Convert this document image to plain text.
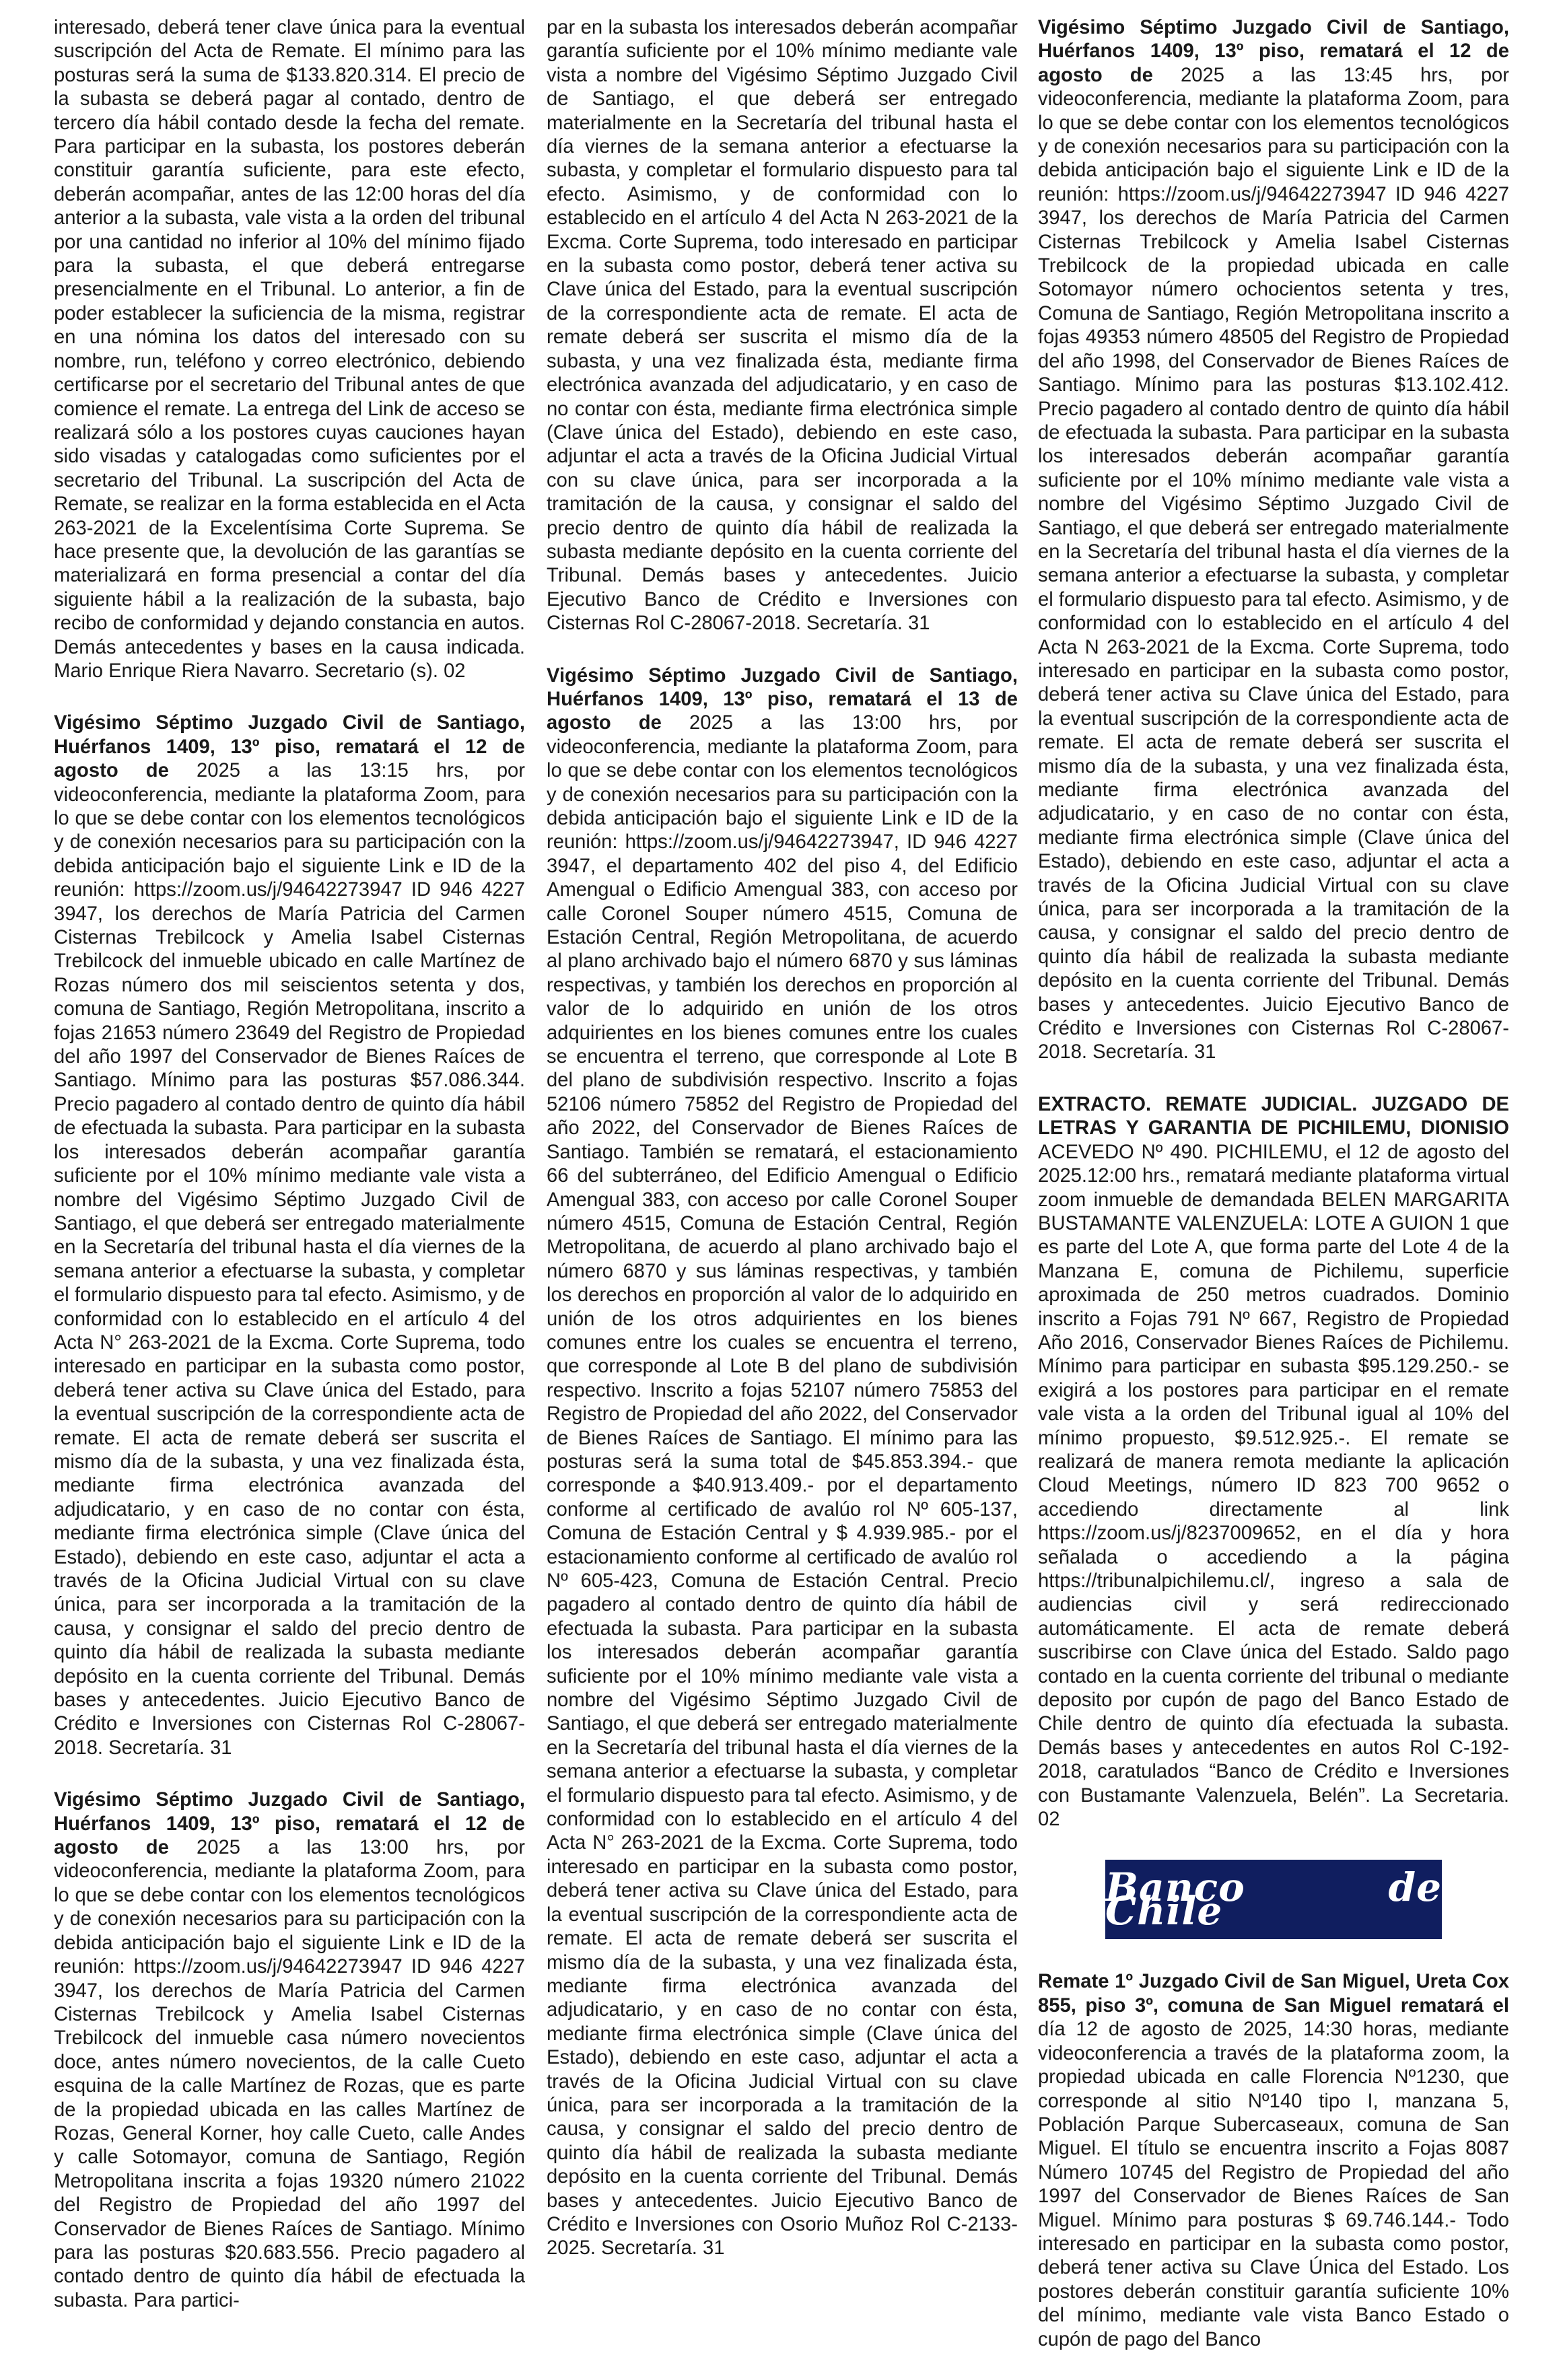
interesado, deberá tener clave única para la eventual suscripción del Acta de Remate. El mínimo para las posturas será la suma de $133.820.314. El precio de la subasta se deberá pagar al contado, dentro de tercero día hábil contado desde la fecha del remate. Para participar en la subasta, los postores deberán constituir garantía suficiente, para este efecto, deberán acompañar, antes de las 12:00 horas del día anterior a la subasta, vale vista a la orden del tribunal por una cantidad no inferior al 10% del mínimo fijado para la subasta, el que deberá entregarse presencialmente en el Tribunal. Lo anterior, a fin de poder establecer la suficiencia de la misma, registrar en una nómina los datos del interesado con su nombre, run, teléfono y correo electrónico, debiendo certificarse por el secretario del Tribunal antes de que comience el remate. La entrega del Link de acceso se realizará sólo a los postores cuyas cauciones hayan sido visadas y catalogadas como suficientes por el secretario del Tribunal. La suscripción del Acta de Remate, se realizar en la forma establecida en el Acta 263-2021 de la Excelentísima Corte Suprema. Se hace presente que, la devolución de las garantías se materializará en forma presencial a contar del día siguiente hábil a la realización de la subasta, bajo recibo de conformidad y dejando constancia en autos. Demás antecedentes y bases en la causa indicada. Mario Enrique Riera Navarro. Secretario (s). 02

Vigésimo Séptimo Juzgado Civil de Santiago, Huérfanos 1409, 13º piso, rematará el 12 de agosto de 2025 a las 13:15 hrs, por videoconferencia, mediante la plataforma Zoom, para lo que se debe contar con los elementos tecnológicos y de conexión necesarios para su participación con la debida anticipación bajo el siguiente Link e ID de la reunión: https://zoom.us/j/94642273947 ID 946 4227 3947, los derechos de María Patricia del Carmen Cisternas Trebilcock y Amelia Isabel Cisternas Trebilcock del inmueble ubicado en calle Martínez de Rozas número dos mil seiscientos setenta y dos, comuna de Santiago, Región Metropolitana, inscrito a fojas 21653 número 23649 del Registro de Propiedad del año 1997 del Conservador de Bienes Raíces de Santiago. Mínimo para las posturas $57.086.344. Precio pagadero al contado dentro de quinto día hábil de efectuada la subasta. Para participar en la subasta los interesados deberán acompañar garantía suficiente por el 10% mínimo mediante vale vista a nombre del Vigésimo Séptimo Juzgado Civil de Santiago, el que deberá ser entregado materialmente en la Secretaría del tribunal hasta el día viernes de la semana anterior a efectuarse la subasta, y completar el formulario dispuesto para tal efecto. Asimismo, y de conformidad con lo establecido en el artículo 4 del Acta N° 263-2021 de la Excma. Corte Suprema, todo interesado en participar en la subasta como postor, deberá tener activa su Clave única del Estado, para la eventual suscripción de la correspondiente acta de remate. El acta de remate deberá ser suscrita el mismo día de la subasta, y una vez finalizada ésta, mediante firma electrónica avanzada del adjudicatario, y en caso de no contar con ésta, mediante firma electrónica simple (Clave única del Estado), debiendo en este caso, adjuntar el acta a través de la Oficina Judicial Virtual con su clave única, para ser incorporada a la tramitación de la causa, y consignar el saldo del precio dentro de quinto día hábil de realizada la subasta mediante depósito en la cuenta corriente del Tribunal. Demás bases y antecedentes. Juicio Ejecutivo Banco de Crédito e Inversiones con Cisternas Rol C-28067-2018. Secretaría. 31

Vigésimo Séptimo Juzgado Civil de Santiago, Huérfanos 1409, 13º piso, rematará el 12 de agosto de 2025 a las 13:00 hrs, por videoconferencia, mediante la plataforma Zoom, para lo que se debe contar con los elementos tecnológicos y de conexión necesarios para su participación con la debida anticipación bajo el siguiente Link e ID de la reunión: https://zoom.us/j/94642273947 ID 946 4227 3947, los derechos de María Patricia del Carmen Cisternas Trebilcock y Amelia Isabel Cisternas Trebilcock del inmueble casa número novecientos doce, antes número novecientos, de la calle Cueto esquina de la calle Martínez de Rozas, que es parte de la propiedad ubicada en las calles Martínez de Rozas, General Korner, hoy calle Cueto, calle Andes y calle Sotomayor, comuna de Santiago, Región Metropolitana inscrita a fojas 19320 número 21022 del Registro de Propiedad del año 1997 del Conservador de Bienes Raíces de Santiago. Mínimo para las posturas $20.683.556. Precio pagadero al contado dentro de quinto día hábil de efectuada la subasta. Para partici-

par en la subasta los interesados deberán acompañar garantía suficiente por el 10% mínimo mediante vale vista a nombre del Vigésimo Séptimo Juzgado Civil de Santiago, el que deberá ser entregado materialmente en la Secretaría del tribunal hasta el día viernes de la semana anterior a efectuarse la subasta, y completar el formulario dispuesto para tal efecto. Asimismo, y de conformidad con lo establecido en el artículo 4 del Acta N 263-2021 de la Excma. Corte Suprema, todo interesado en participar en la subasta como postor, deberá tener activa su Clave única del Estado, para la eventual suscripción de la correspondiente acta de remate. El acta de remate deberá ser suscrita el mismo día de la subasta, y una vez finalizada ésta, mediante firma electrónica avanzada del adjudicatario, y en caso de no contar con ésta, mediante firma electrónica simple (Clave única del Estado), debiendo en este caso, adjuntar el acta a través de la Oficina Judicial Virtual con su clave única, para ser incorporada a la tramitación de la causa, y consignar el saldo del precio dentro de quinto día hábil de realizada la subasta mediante depósito en la cuenta corriente del Tribunal. Demás bases y antecedentes. Juicio Ejecutivo Banco de Crédito e Inversiones con Cisternas Rol C-28067-2018. Secretaría. 31

Vigésimo Séptimo Juzgado Civil de Santiago, Huérfanos 1409, 13º piso, rematará el 13 de agosto de 2025 a las 13:00 hrs, por videoconferencia, mediante la plataforma Zoom, para lo que se debe contar con los elementos tecnológicos y de conexión necesarios para su participación con la debida anticipación bajo el siguiente Link e ID de la reunión: https://zoom.us/j/94642273947, ID 946 4227 3947, el departamento 402 del piso 4, del Edificio Amengual o Edificio Amengual 383, con acceso por calle Coronel Souper número 4515, Comuna de Estación Central, Región Metropolitana, de acuerdo al plano archivado bajo el número 6870 y sus láminas respectivas, y también los derechos en proporción al valor de lo adquirido en unión de los otros adquirientes en los bienes comunes entre los cuales se encuentra el terreno, que corresponde al Lote B del plano de subdivisión respectivo. Inscrito a fojas 52106 número 75852 del Registro de Propiedad del año 2022, del Conservador de Bienes Raíces de Santiago. También se rematará, el estacionamiento 66 del subterráneo, del Edificio Amengual o Edificio Amengual 383, con acceso por calle Coronel Souper número 4515, Comuna de Estación Central, Región Metropolitana, de acuerdo al plano archivado bajo el número 6870 y sus láminas respectivas, y también los derechos en proporción al valor de lo adquirido en unión de los otros adquirientes en los bienes comunes entre los cuales se encuentra el terreno, que corresponde al Lote B del plano de subdivisión respectivo. Inscrito a fojas 52107 número 75853 del Registro de Propiedad del año 2022, del Conservador de Bienes Raíces de Santiago. El mínimo para las posturas será la suma total de $45.853.394.- que corresponde a $40.913.409.- por el departamento conforme al certificado de avalúo rol Nº 605-137, Comuna de Estación Central y $ 4.939.985.- por el estacionamiento conforme al certificado de avalúo rol Nº 605-423, Comuna de Estación Central. Precio pagadero al contado dentro de quinto día hábil de efectuada la subasta. Para participar en la subasta los interesados deberán acompañar garantía suficiente por el 10% mínimo mediante vale vista a nombre del Vigésimo Séptimo Juzgado Civil de Santiago, el que deberá ser entregado materialmente en la Secretaría del tribunal hasta el día viernes de la semana anterior a efectuarse la subasta, y completar el formulario dispuesto para tal efecto. Asimismo, y de conformidad con lo establecido en el artículo 4 del Acta N° 263-2021 de la Excma. Corte Suprema, todo interesado en participar en la subasta como postor, deberá tener activa su Clave única del Estado, para la eventual suscripción de la correspondiente acta de remate. El acta de remate deberá ser suscrita el mismo día de la subasta, y una vez finalizada ésta, mediante firma electrónica avanzada del adjudicatario, y en caso de no contar con ésta, mediante firma electrónica simple (Clave única del Estado), debiendo en este caso, adjuntar el acta a través de la Oficina Judicial Virtual con su clave única, para ser incorporada a la tramitación de la causa, y consignar el saldo del precio dentro de quinto día hábil de realizada la subasta mediante depósito en la cuenta corriente del Tribunal. Demás bases y antecedentes. Juicio Ejecutivo Banco de Crédito e Inversiones con Osorio Muñoz Rol C-2133-2025. Secretaría. 31

Vigésimo Séptimo Juzgado Civil de Santiago, Huérfanos 1409, 13º piso, rematará el 12 de agosto de 2025 a las 13:45 hrs, por videoconferencia, mediante la plataforma Zoom, para lo que se debe contar con los elementos tecnológicos y de conexión necesarios para su participación con la debida anticipación bajo el siguiente Link e ID de la reunión: https://zoom.us/j/94642273947 ID 946 4227 3947, los derechos de María Patricia del Carmen Cisternas Trebilcock y Amelia Isabel Cisternas Trebilcock de la propiedad ubicada en calle Sotomayor número ochocientos setenta y tres, Comuna de Santiago, Región Metropolitana inscrito a fojas 49353 número 48505 del Registro de Propiedad del año 1998, del Conservador de Bienes Raíces de Santiago. Mínimo para las posturas $13.102.412. Precio pagadero al contado dentro de quinto día hábil de efectuada la subasta. Para participar en la subasta los interesados deberán acompañar garantía suficiente por el 10% mínimo mediante vale vista a nombre del Vigésimo Séptimo Juzgado Civil de Santiago, el que deberá ser entregado materialmente en la Secretaría del tribunal hasta el día viernes de la semana anterior a efectuarse la subasta, y completar el formulario dispuesto para tal efecto. Asimismo, y de conformidad con lo establecido en el artículo 4 del Acta N 263-2021 de la Excma. Corte Suprema, todo interesado en participar en la subasta como postor, deberá tener activa su Clave única del Estado, para la eventual suscripción de la correspondiente acta de remate. El acta de remate deberá ser suscrita el mismo día de la subasta, y una vez finalizada ésta, mediante firma electrónica avanzada del adjudicatario, y en caso de no contar con ésta, mediante firma electrónica simple (Clave única del Estado), debiendo en este caso, adjuntar el acta a través de la Oficina Judicial Virtual con su clave única, para ser incorporada a la tramitación de la causa, y consignar el saldo del precio dentro de quinto día hábil de realizada la subasta mediante depósito en la cuenta corriente del Tribunal. Demás bases y antecedentes. Juicio Ejecutivo Banco de Crédito e Inversiones con Cisternas Rol C-28067-2018. Secretaría. 31

EXTRACTO. REMATE JUDICIAL. JUZGADO DE LETRAS Y GARANTIA DE PICHILEMU, DIONISIO ACEVEDO Nº 490. PICHILEMU, el 12 de agosto del 2025.12:00 hrs., rematará mediante plataforma virtual zoom inmueble de demandada BELEN MARGARITA BUSTAMANTE VALENZUELA: LOTE A GUION 1 que es parte del Lote A, que forma parte del Lote 4 de la Manzana E, comuna de Pichilemu, superficie aproximada de 250 metros cuadrados. Dominio inscrito a Fojas 791 Nº 667, Registro de Propiedad Año 2016, Conservador Bienes Raíces de Pichilemu. Mínimo para participar en subasta $95.129.250.- se exigirá a los postores para participar en el remate vale vista a la orden del Tribunal igual al 10% del mínimo propuesto, $9.512.925.-. El remate se realizará de manera remota mediante la aplicación Cloud Meetings, número ID 823 700 9652 o accediendo directamente al link https://zoom.us/j/8237009652, en el día y hora señalada o accediendo a la página https://tribunalpichilemu.cl/, ingreso a sala de audiencias civil y será redireccionado automáticamente. El acta de remate deberá suscribirse con Clave única del Estado. Saldo pago contado en la cuenta corriente del tribunal o mediante deposito por cupón de pago del Banco Estado de Chile dentro de quinto día efectuada la subasta. Demás bases y antecedentes en autos Rol C-192-2018, caratulados “Banco de Crédito e Inversiones con Bustamante Valenzuela, Belén”. La Secretaria. 02

Banco de Chile

Remate 1º Juzgado Civil de San Miguel, Ureta Cox 855, piso 3º, comuna de San Miguel rematará el día 12 de agosto de 2025, 14:30 horas, mediante videoconferencia a través de la plataforma zoom, la propiedad ubicada en calle Florencia Nº1230, que corresponde al sitio Nº140 tipo I, manzana 5, Población Parque Subercaseaux, comuna de San Miguel. El título se encuentra inscrito a Fojas 8087 Número 10745 del Registro de Propiedad del año 1997 del Conservador de Bienes Raíces de San Miguel. Mínimo para posturas $ 69.746.144.- Todo interesado en participar en la subasta como postor, deberá tener activa su Clave Única del Estado. Los postores deberán constituir garantía suficiente 10% del mínimo, mediante vale vista Banco Estado o cupón de pago del Banco
